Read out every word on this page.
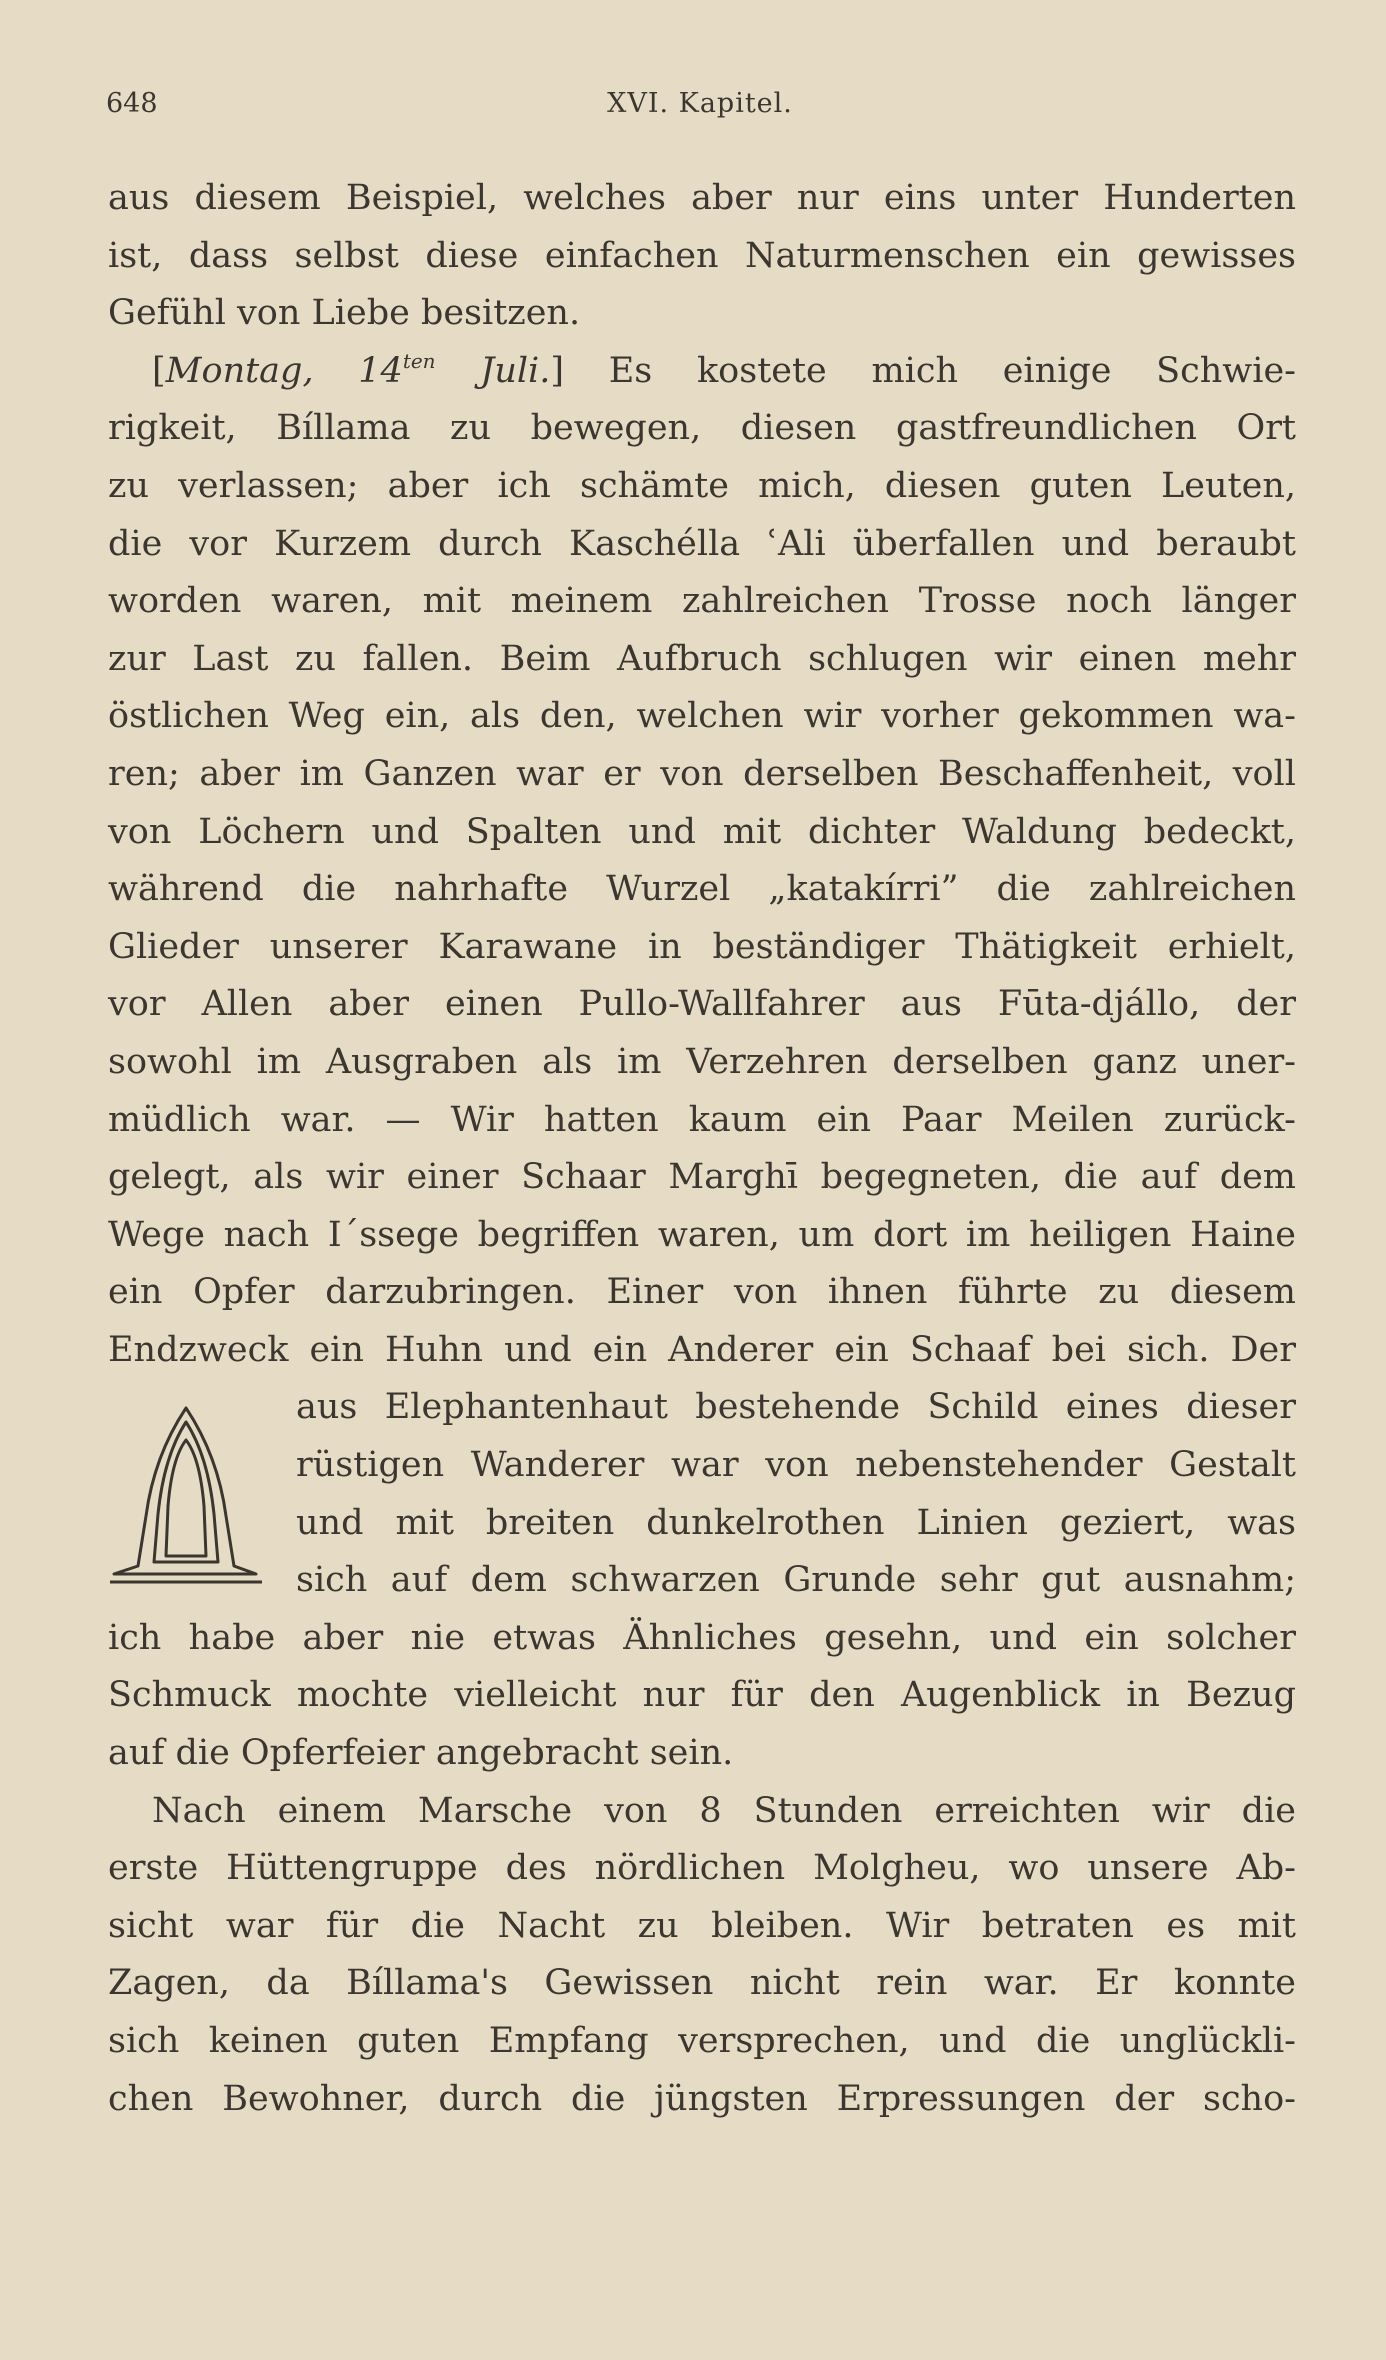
648	XVI. Kapitel.
aus diesem Beispiel, welches aber nur eins unter Hunderten
ist, dass selbst diese einfachen Naturmenschen ein gewisses
Gefühl von Liebe besitzen.
[Montag, $14^{ten}$ Juli.] Es kostete mich einige Schwie-
rigkeit, Bíllama zu bewegen, diesen gastfreundlichen Ort
zu verlassen; aber ich schämte mich, diesen guten Leuten,
die vor Kurzem durch Kaschélla ʿAli überfallen und beraubt
worden waren, mit meinem zahlreichen Trosse noch länger
zur Last zu fallen. Beim Aufbruch schlugen wir einen mehr
östlichen Weg ein, als den, welchen wir vorher gekommen wa-
ren; aber im Ganzen war er von derselben Beschaffenheit, voll
von Löchern und Spalten und mit dichter Waldung bedeckt,
während die nahrhafte Wurzel „katakírri” die zahlreichen
Glieder unserer Karawane in beständiger Thätigkeit erhielt,
vor Allen aber einen Pullo-Wallfahrer aus Fūta-djállo, der
sowohl im Ausgraben als im Verzehren derselben ganz uner-
müdlich war. — Wir hatten kaum ein Paar Meilen zurück-
gelegt, als wir einer Schaar Marghī begegneten, die auf dem
Wege nach I´ssege begriffen waren, um dort im heiligen Haine
ein Opfer darzubringen. Einer von ihnen führte zu diesem
Endzweck ein Huhn und ein Anderer ein Schaaf bei sich. Der
aus Elephantenhaut bestehende Schild eines dieser
rüstigen Wanderer war von nebenstehender Gestalt
und mit breiten dunkelrothen Linien geziert, was
sich auf dem schwarzen Grunde sehr gut ausnahm;
ich habe aber nie etwas Ähnliches gesehn, und ein solcher
Schmuck mochte vielleicht nur für den Augenblick in Bezug
auf die Opferfeier angebracht sein.
Nach einem Marsche von 8 Stunden erreichten wir die
erste Hüttengruppe des nördlichen Molgheu, wo unsere Ab-
sicht war für die Nacht zu bleiben. Wir betraten es mit
Zagen, da Bíllama's Gewissen nicht rein war. Er konnte
sich keinen guten Empfang versprechen, und die unglückli-
chen Bewohner, durch die jüngsten Erpressungen der scho-
